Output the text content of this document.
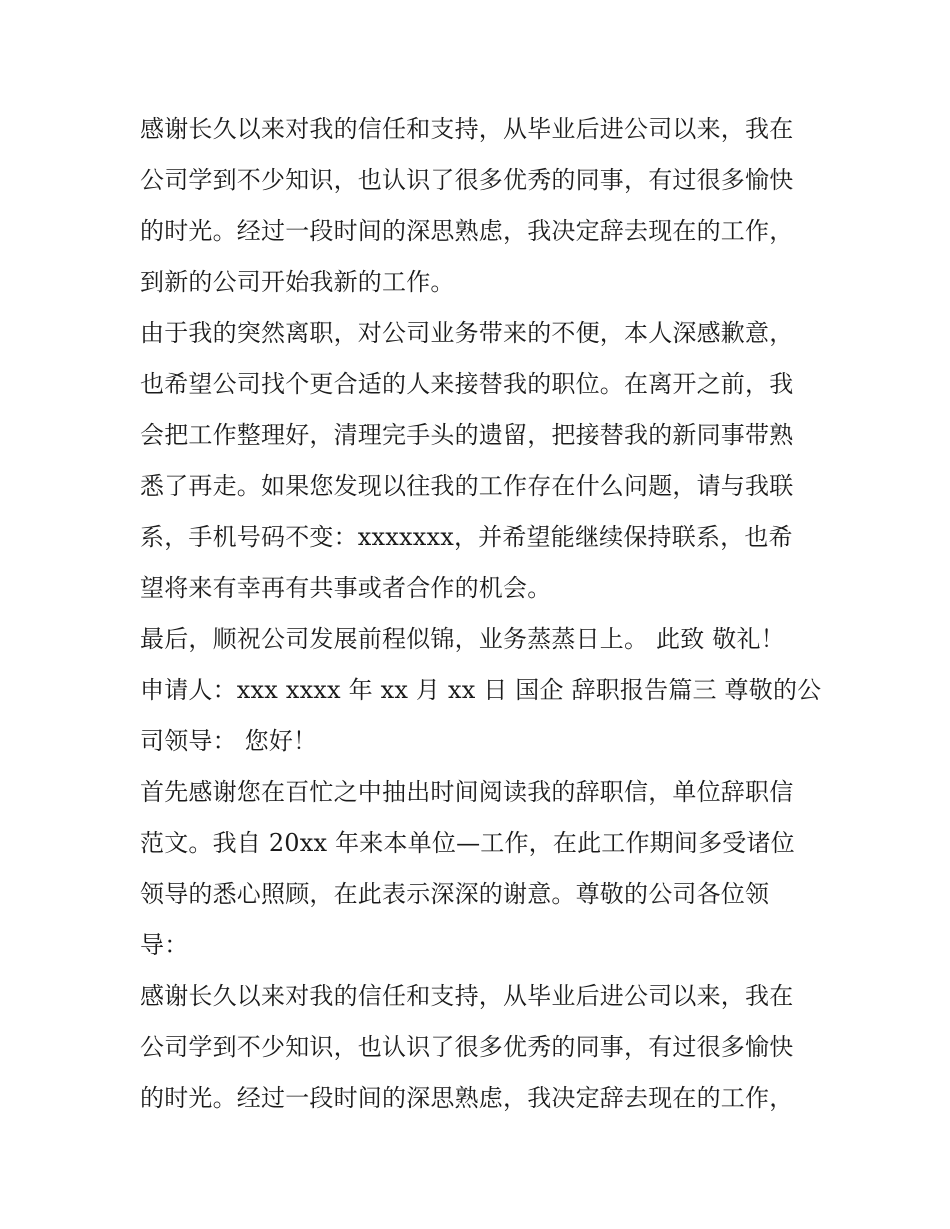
感谢长久以来对我的信任和支持，从毕业后进公司以来，我在
公司学到不少知识，也认识了很多优秀的同事，有过很多愉快
的时光。经过一段时间的深思熟虑，我决定辞去现在的工作，
到新的公司开始我新的工作。
由于我的突然离职，对公司业务带来的不便，本人深感歉意，
也希望公司找个更合适的人来接替我的职位。在离开之前，我
会把工作整理好，清理完手头的遗留，把接替我的新同事带熟
悉了再走。如果您发现以往我的工作存在什么问题，请与我联
系，手机号码不变：xxxxxxx，并希望能继续保持联系，也希
望将来有幸再有共事或者合作的机会。
最后，顺祝公司发展前程似锦，业务蒸蒸日上。 此致 敬礼！
申请人：xxx xxxx 年 xx 月 xx 日 国企 辞职报告篇三 尊敬的公
司领导： 您好！
首先感谢您在百忙之中抽出时间阅读我的辞职信，单位辞职信
范文。我自 20xx 年来本单位—工作，在此工作期间多受诸位
领导的悉心照顾，在此表示深深的谢意。尊敬的公司各位领
导：
感谢长久以来对我的信任和支持，从毕业后进公司以来，我在
公司学到不少知识，也认识了很多优秀的同事，有过很多愉快
的时光。经过一段时间的深思熟虑，我决定辞去现在的工作，
